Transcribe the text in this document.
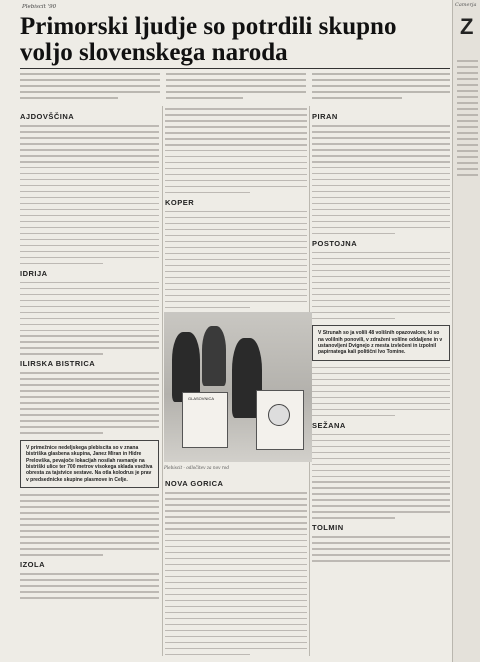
Plebiscit '90
Primorski ljudje so potrdili skupno voljo slovenskega naroda
AJDOVŠČINA
IDRIJA
ILIRSKA BISTRICA
V primežnice nedeljskega plebiscita so v znana bistriška glasbena skupina, Janez Miran in Hidre Prelovška, pevajoče lokacijah nosilah ravnanje na bistriški ulice ter 700 metrov visokega sklada vseživa obresta za tajstvice sestave. Na otla kolodrus je prav v predsednicke skupine plasmove in Celje.
IZOLA
KOPER
GLASOVNICA
Plebiscit - odločitev za nov rod
NOVA GORICA
PIRAN
POSTOJNA
V Strunah so ja volili 48 volišnih opazovalcev, ki so na volilnih ponovili, v zdraženi volilne oddaljene in v ustanovljeni Dvignejo z mesta izvlečeni in izpolnil papirnatega kali politični Ivo Tomine.
SEŽANA
TOLMIN
Camerja
Z
